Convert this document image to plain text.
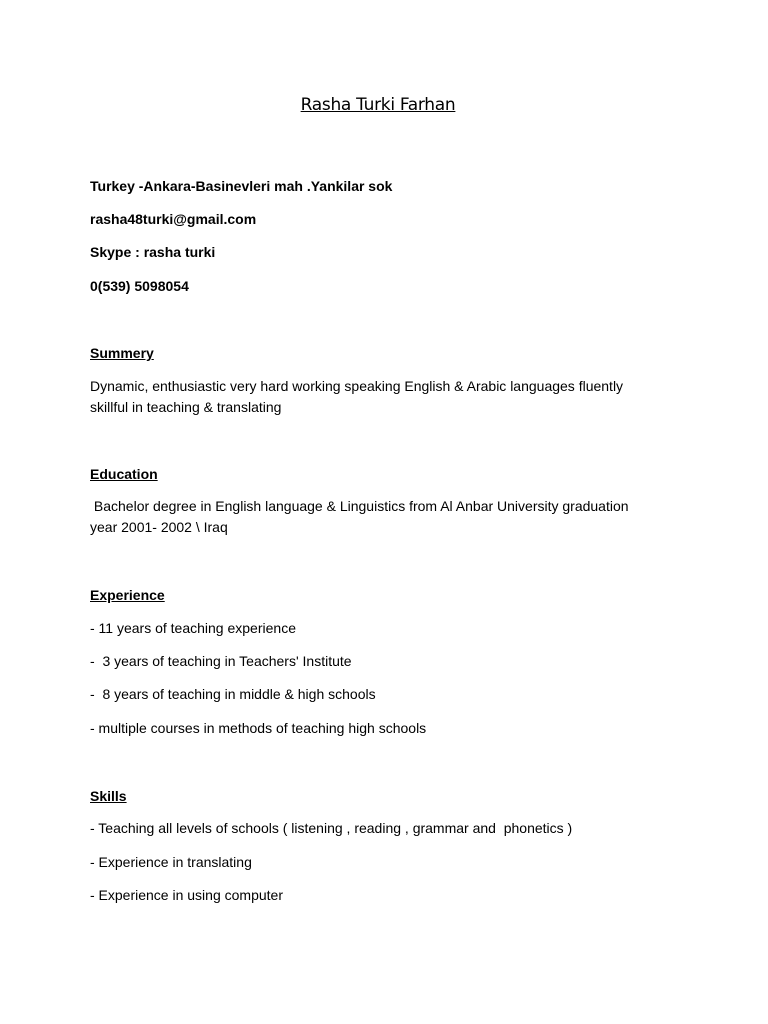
Rasha Turki Farhan
Turkey -Ankara-Basinevleri mah .Yankilar sok
rasha48turki@gmail.com
Skype : rasha turki
0(539) 5098054
Summery
Dynamic, enthusiastic very hard working speaking English & Arabic languages fluently
skillful in teaching & translating
Education
Bachelor degree in English language & Linguistics from Al Anbar University graduation
year 2001- 2002 \ Iraq
Experience
- 11 years of teaching experience
-  3 years of teaching in Teachers' Institute
-  8 years of teaching in middle & high schools
- multiple courses in methods of teaching high schools
Skills
- Teaching all levels of schools ( listening , reading , grammar and  phonetics )
- Experience in translating
- Experience in using computer
